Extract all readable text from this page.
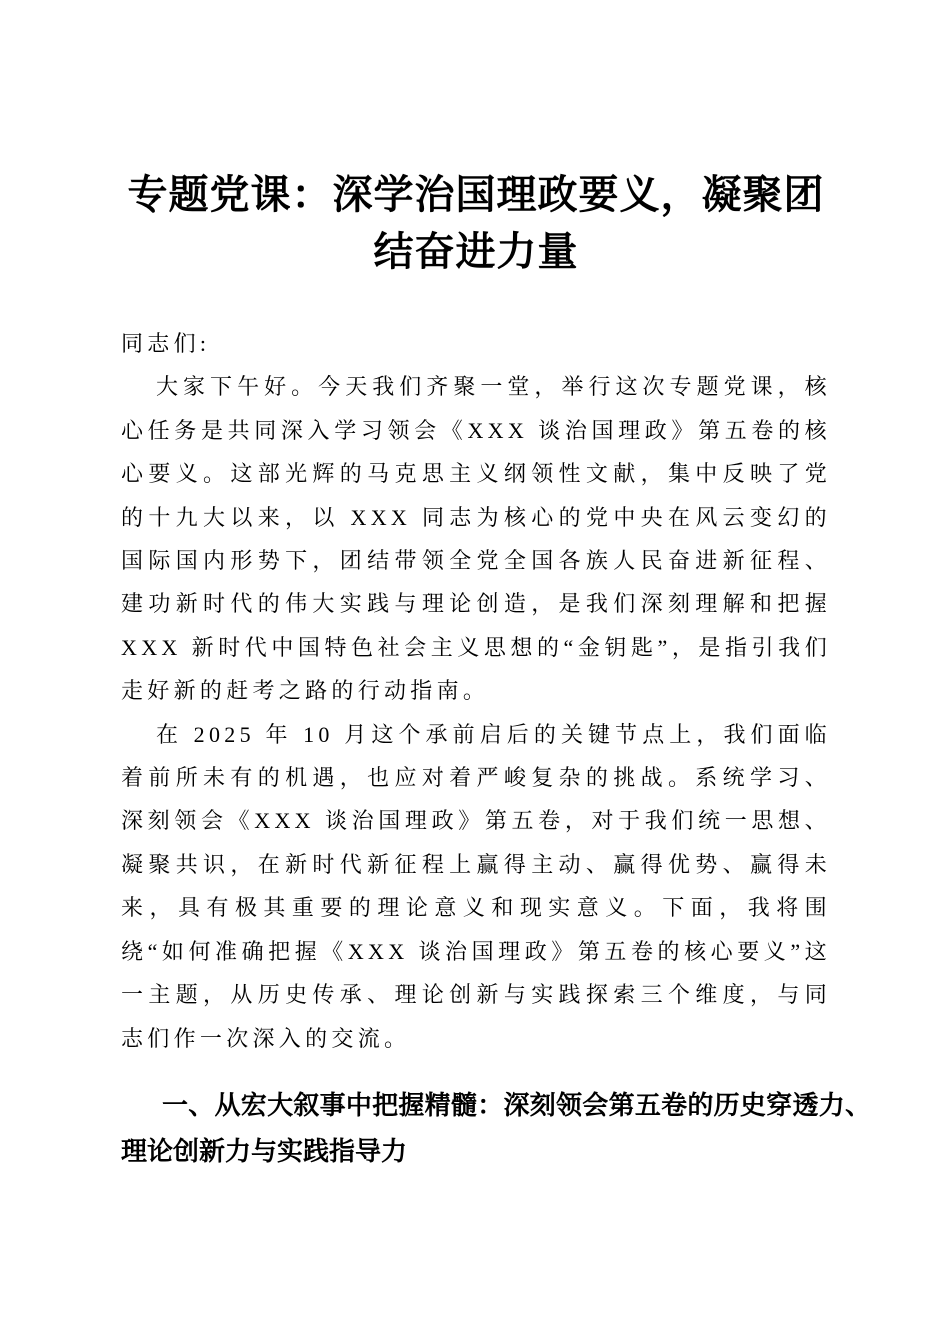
专题党课：深学治国理政要义，凝聚团结奋进力量

同志们:

大家下午好。今天我们齐聚一堂，举行这次专题党课，核心任务是共同深入学习领会《XXX 谈治国理政》第五卷的核心要义。这部光辉的马克思主义纲领性文献，集中反映了党的十九大以来，以 XXX 同志为核心的党中央在风云变幻的国际国内形势下，团结带领全党全国各族人民奋进新征程、建功新时代的伟大实践与理论创造，是我们深刻理解和把握 XXX 新时代中国特色社会主义思想的“金钥匙”，是指引我们走好新的赶考之路的行动指南。

在 2025 年 10 月这个承前启后的关键节点上，我们面临着前所未有的机遇，也应对着严峻复杂的挑战。系统学习、深刻领会《XXX 谈治国理政》第五卷，对于我们统一思想、凝聚共识，在新时代新征程上赢得主动、赢得优势、赢得未来，具有极其重要的理论意义和现实意义。下面，我将围绕“如何准确把握《XXX 谈治国理政》第五卷的核心要义”这一主题，从历史传承、理论创新与实践探索三个维度，与同志们作一次深入的交流。

一、从宏大叙事中把握精髓：深刻领会第五卷的历史穿透力、理论创新力与实践指导力
